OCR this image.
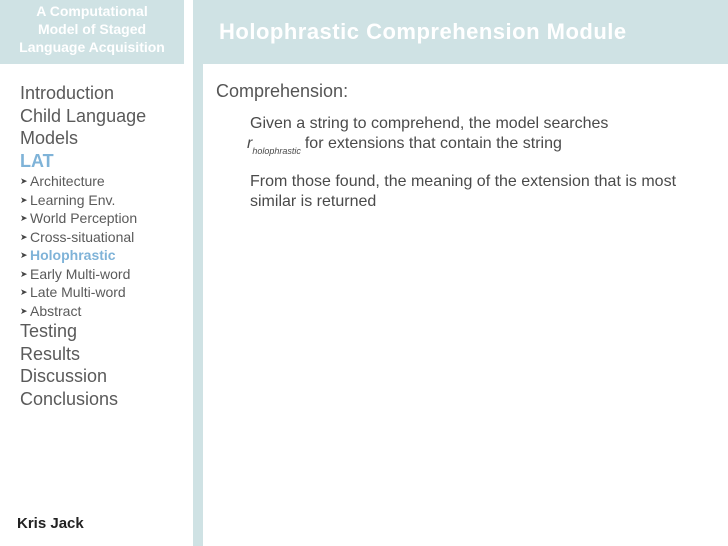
A Computational
Model of Staged
Language Acquisition
Holophrastic Comprehension Module
Introduction
Child Language
Models
LAT
➤ Architecture
➤ Learning Env.
➤ World Perception
➤ Cross-situational
➤ Holophrastic
➤ Early Multi-word
➤ Late Multi-word
➤ Abstract
Testing
Results
Discussion
Conclusions
Kris Jack
Comprehension:
Given a string to comprehend, the model searches
$r_{holophrastic}$ for extensions that contain the string
From those found, the meaning of the extension that is most similar is returned
